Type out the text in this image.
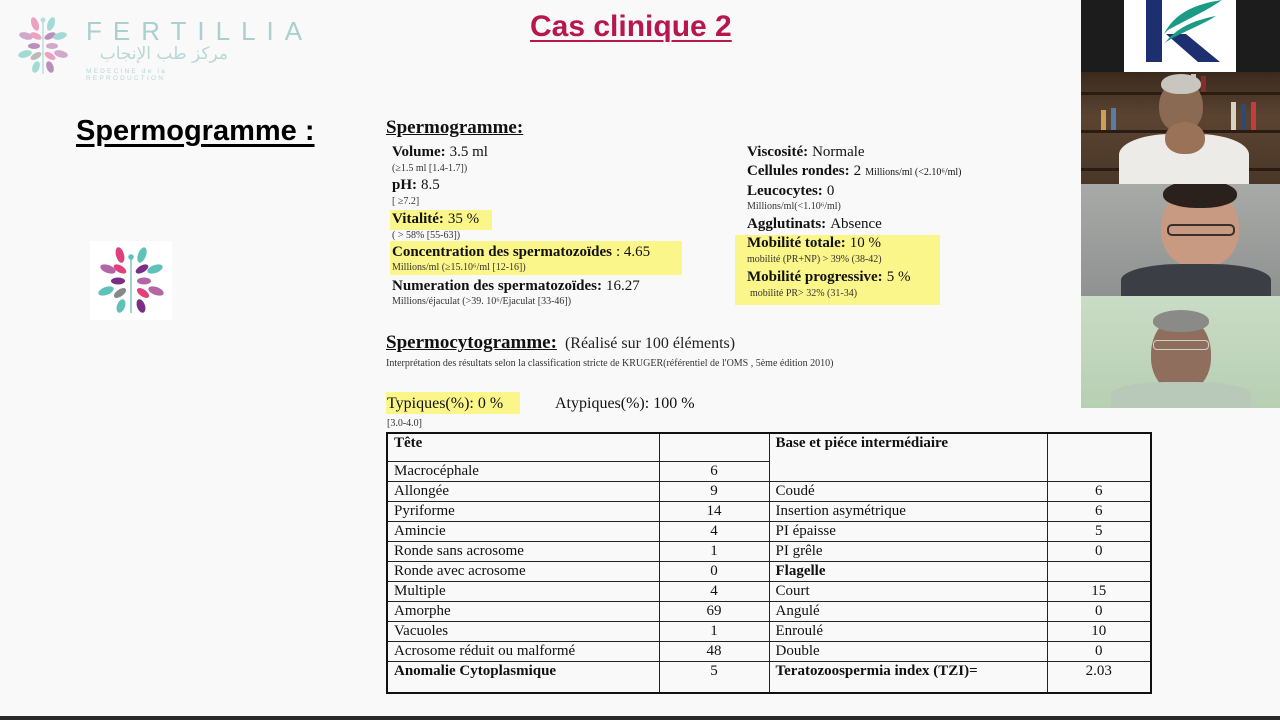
FERTILLIA
مركز طب الإنجاب
MEDECINE de la REPRODUCTION
Cas clinique 2
Spermogramme :	Spermogramme:
Volume: 3.5 ml
(≥1.5 ml [1.4-1.7])
pH: 8.5
[ ≥7.2]
Vitalité: 35 %
( > 58% [55-63])
Concentration des spermatozoïdes : 4.65
Millions/ml (≥15.10⁶/ml [12-16])
Numeration des spermatozoïdes: 16.27
Millions/éjaculat (>39. 10⁶/Ejaculat [33-46])
Viscosité: Normale
Cellules rondes: 2 Millions/ml (<2.10⁶/ml)
Leucocytes: 0
Millions/ml(<1.10⁶/ml)
Agglutinats: Absence
Mobilité totale: 10 %
mobilité (PR+NP) > 39% (38-42)
Mobilité progressive: 5 %
mobilité PR> 32% (31-34)
Spermocytogramme: (Réalisé sur 100 éléments)
Interprétation des résultats selon la classification stricte de KRUGER(référentiel de l'OMS , 5ème édition 2010)
Typiques(%): 0 %	Atypiques(%): 100 %
[3.0-4.0]
Tête		Base et piéce intermédiaire	
Macrocéphale	6		
Allongée	9	Coudé	6
Pyriforme	14	Insertion asymétrique	6
Amincie	4	PI épaisse	5
Ronde sans acrosome	1	PI grêle	0
Ronde avec acrosome	0	Flagelle	
Multiple	4	Court	15
Amorphe	69	Angulé	0
Vacuoles	1	Enroulé	10
Acrosome réduit ou malformé	48	Double	0
Anomalie Cytoplasmique	5	Teratozoospermia index (TZI)=	2.03
